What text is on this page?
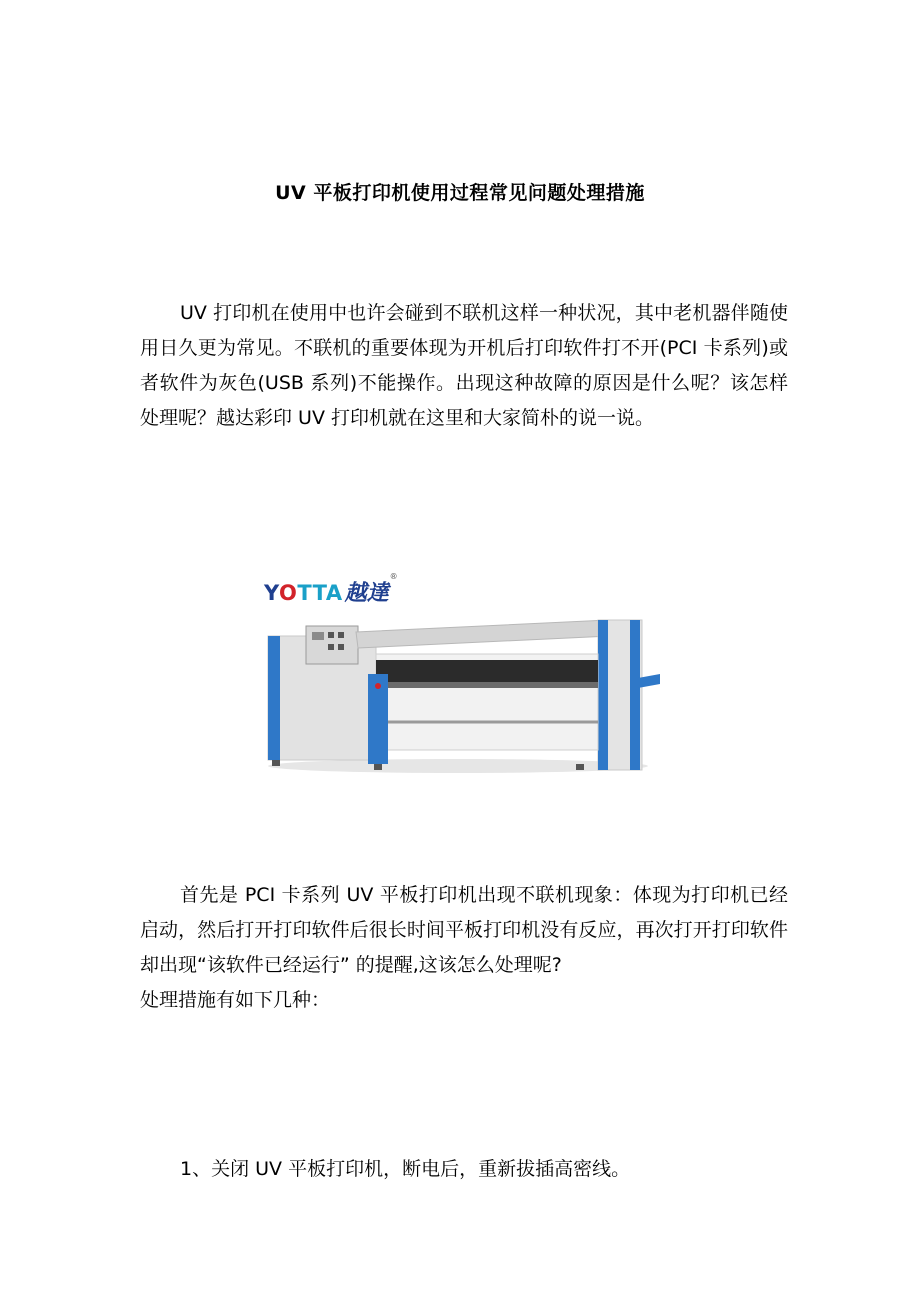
UV 平板打印机使用过程常见问题处理措施

UV 打印机在使用中也许会碰到不联机这样一种状况，其中老机器伴随使用日久更为常见。不联机的重要体现为开机后打印软件打不开(PCI 卡系列)或者软件为灰色(USB 系列)不能操作。出现这种故障的原因是什么呢？该怎样处理呢？越达彩印 UV 打印机就在这里和大家简朴的说一说。

YOTTA 越達
®

首先是 PCI 卡系列 UV 平板打印机出现不联机现象：体现为打印机已经启动，然后打开打印软件后很长时间平板打印机没有反应，再次打开打印软件却出现“该软件已经运行” 的提醒,这该怎么处理呢?
处理措施有如下几种：

1、关闭 UV 平板打印机，断电后，重新拔插高密线。
